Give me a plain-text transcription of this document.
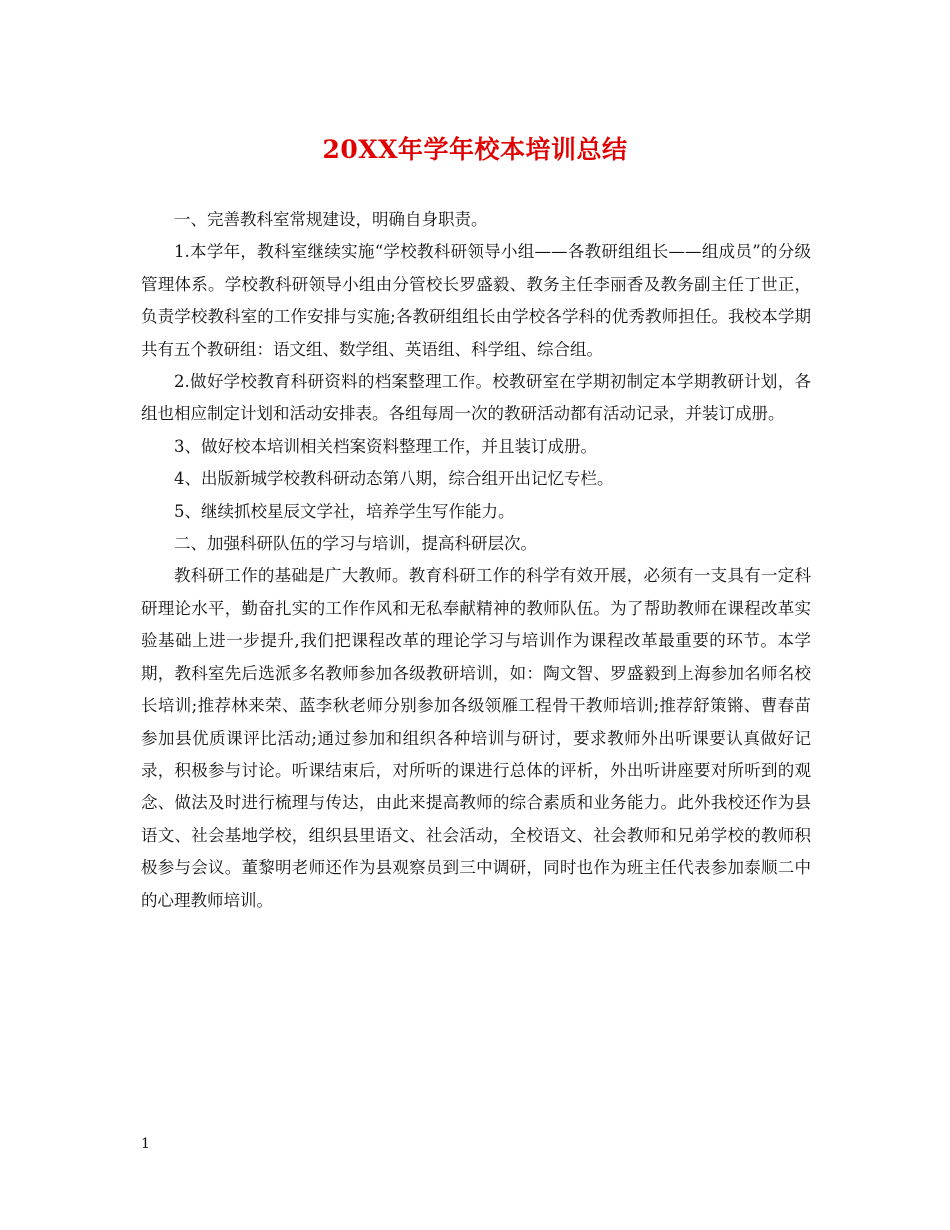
20XX年学年校本培训总结

一、完善教科室常规建设，明确自身职责。

1.本学年，教科室继续实施“学校教科研领导小组——各教研组组长——组成员”的分级管理体系。学校教科研领导小组由分管校长罗盛毅、教务主任李丽香及教务副主任丁世正，负责学校教科室的工作安排与实施;各教研组组长由学校各学科的优秀教师担任。我校本学期共有五个教研组：语文组、数学组、英语组、科学组、综合组。

2.做好学校教育科研资料的档案整理工作。校教研室在学期初制定本学期教研计划，各组也相应制定计划和活动安排表。各组每周一次的教研活动都有活动记录，并装订成册。

3、做好校本培训相关档案资料整理工作，并且装订成册。

4、出版新城学校教科研动态第八期，综合组开出记忆专栏。

5、继续抓校星辰文学社，培养学生写作能力。

二、加强科研队伍的学习与培训，提高科研层次。

教科研工作的基础是广大教师。教育科研工作的科学有效开展，必须有一支具有一定科研理论水平，勤奋扎实的工作作风和无私奉献精神的教师队伍。为了帮助教师在课程改革实验基础上进一步提升,我们把课程改革的理论学习与培训作为课程改革最重要的环节。本学期，教科室先后选派多名教师参加各级教研培训，如：陶文智、罗盛毅到上海参加名师名校长培训;推荐林来荣、蓝李秋老师分别参加各级领雁工程骨干教师培训;推荐舒策锵、曹春苗参加县优质课评比活动;通过参加和组织各种培训与研讨，要求教师外出听课要认真做好记录，积极参与讨论。听课结束后，对所听的课进行总体的评析，外出听讲座要对所听到的观念、做法及时进行梳理与传达，由此来提高教师的综合素质和业务能力。此外我校还作为县语文、社会基地学校，组织县里语文、社会活动，全校语文、社会教师和兄弟学校的教师积极参与会议。董黎明老师还作为县观察员到三中调研，同时也作为班主任代表参加泰顺二中的心理教师培训。

1
